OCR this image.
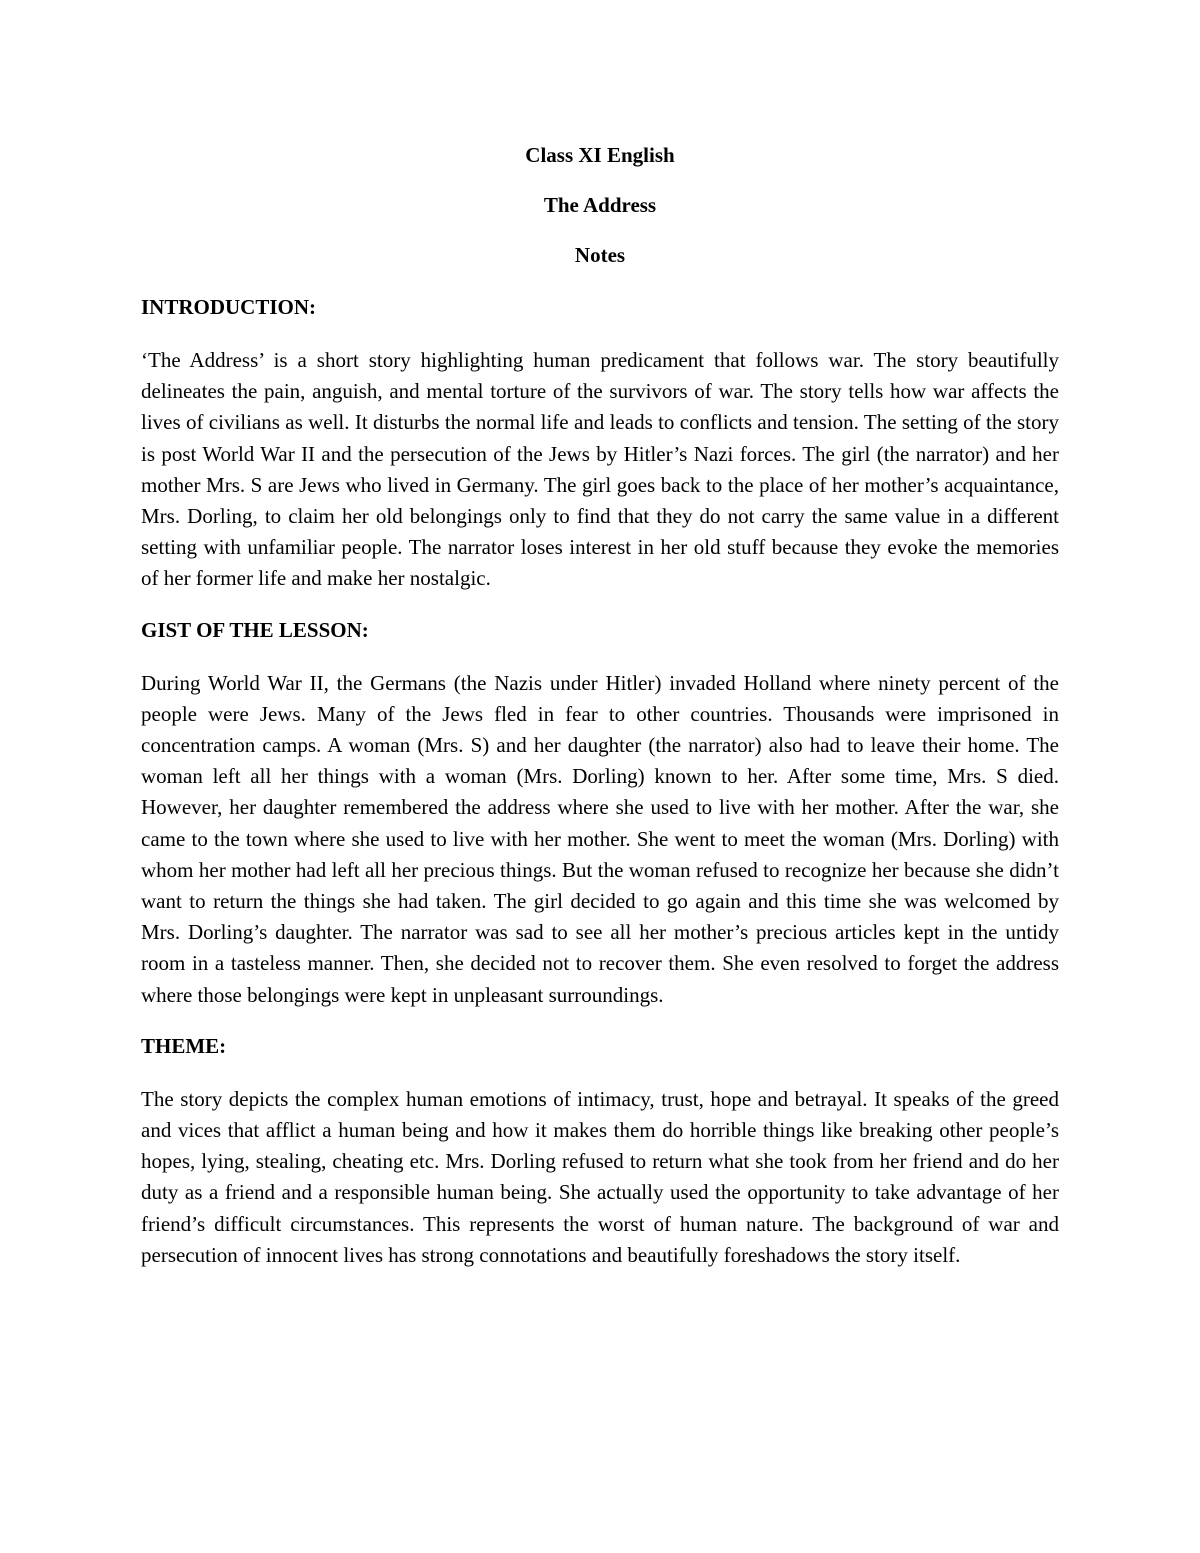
Class XI English

The Address

Notes

INTRODUCTION:

‘The Address’ is a short story highlighting human predicament that follows war. The story beautifully delineates the pain, anguish, and mental torture of the survivors of war. The story tells how war affects the lives of civilians as well. It disturbs the normal life and leads to conflicts and tension. The setting of the story is post World War II and the persecution of the Jews by Hitler’s Nazi forces. The girl (the narrator) and her mother Mrs. S are Jews who lived in Germany. The girl goes back to the place of her mother’s acquaintance, Mrs. Dorling, to claim her old belongings only to find that they do not carry the same value in a different setting with unfamiliar people. The narrator loses interest in her old stuff because they evoke the memories of her former life and make her nostalgic.

GIST OF THE LESSON:

During World War II, the Germans (the Nazis under Hitler) invaded Holland where ninety percent of the people were Jews. Many of the Jews fled in fear to other countries. Thousands were imprisoned in concentration camps. A woman (Mrs. S) and her daughter (the narrator) also had to leave their home. The woman left all her things with a woman (Mrs. Dorling) known to her. After some time, Mrs. S died. However, her daughter remembered the address where she used to live with her mother. After the war, she came to the town where she used to live with her mother. She went to meet the woman (Mrs. Dorling) with whom her mother had left all her precious things. But the woman refused to recognize her because she didn’t want to return the things she had taken. The girl decided to go again and this time she was welcomed by Mrs. Dorling’s daughter. The narrator was sad to see all her mother’s precious articles kept in the untidy room in a tasteless manner. Then, she decided not to recover them. She even resolved to forget the address where those belongings were kept in unpleasant surroundings.

THEME:

The story depicts the complex human emotions of intimacy, trust, hope and betrayal. It speaks of the greed and vices that afflict a human being and how it makes them do horrible things like breaking other people’s hopes, lying, stealing, cheating etc. Mrs. Dorling refused to return what she took from her friend and do her duty as a friend and a responsible human being. She actually used the opportunity to take advantage of her friend’s difficult circumstances. This represents the worst of human nature. The background of war and persecution of innocent lives has strong connotations and beautifully foreshadows the story itself.
